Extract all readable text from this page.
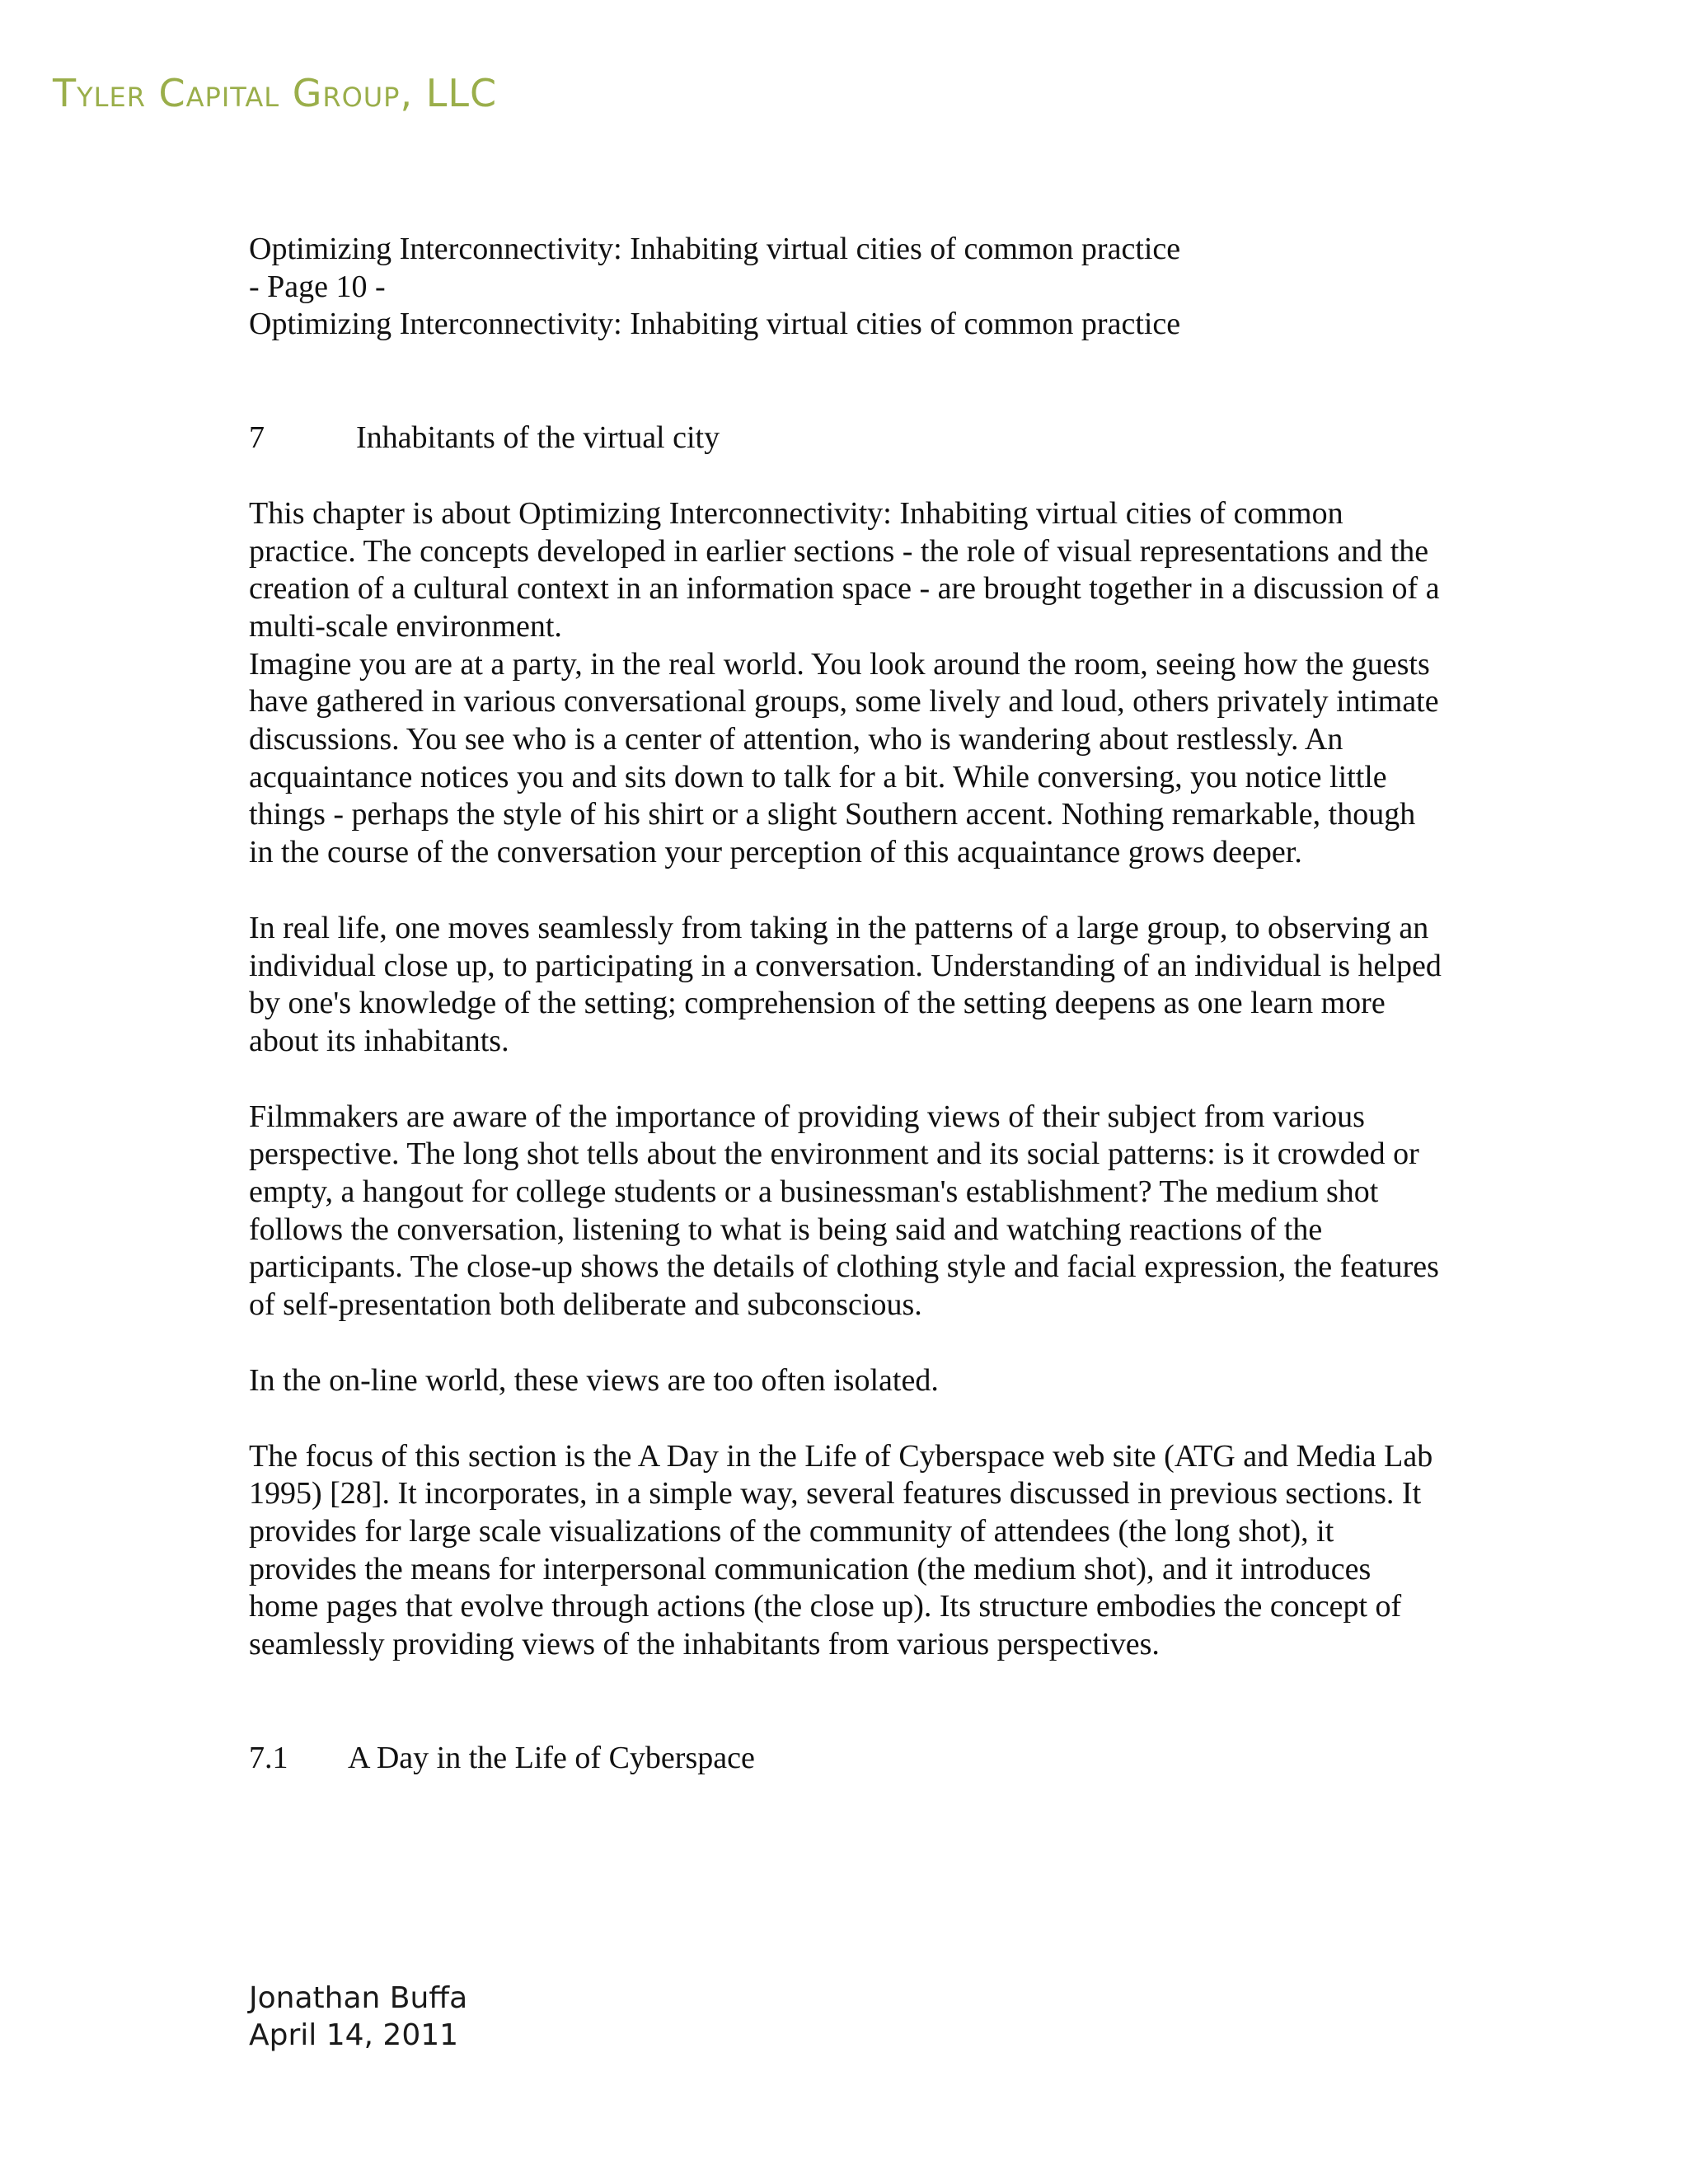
Tyler Capital Group, LLC

Optimizing Interconnectivity: Inhabiting virtual cities of common practice

- Page 10 -

Optimizing Interconnectivity: Inhabiting virtual cities of common practice

7	Inhabitants of the virtual city

This chapter is about Optimizing Interconnectivity: Inhabiting virtual cities of common practice. The concepts developed in earlier sections - the role of visual representations and the creation of a cultural context in an information space - are brought together in a discussion of a multi-scale environment.

Imagine you are at a party, in the real world. You look around the room, seeing how the guests have gathered in various conversational groups, some lively and loud, others privately intimate discussions. You see who is a center of attention, who is wandering about restlessly. An acquaintance notices you and sits down to talk for a bit. While conversing, you notice little things - perhaps the style of his shirt or a slight Southern accent. Nothing remarkable, though in the course of the conversation your perception of this acquaintance grows deeper.

In real life, one moves seamlessly from taking in the patterns of a large group, to observing an individual close up, to participating in a conversation. Understanding of an individual is helped by one's knowledge of the setting; comprehension of the setting deepens as one learn more about its inhabitants.

Filmmakers are aware of the importance of providing views of their subject from various perspective. The long shot tells about the environment and its social patterns: is it crowded or empty, a hangout for college students or a businessman's establishment? The medium shot follows the conversation, listening to what is being said and watching reactions of the participants. The close-up shows the details of clothing style and facial expression, the features of self-presentation both deliberate and subconscious.

In the on-line world, these views are too often isolated.

The focus of this section is the A Day in the Life of Cyberspace web site (ATG and Media Lab 1995) [28]. It incorporates, in a simple way, several features discussed in previous sections. It provides for large scale visualizations of the community of attendees (the long shot), it provides the means for interpersonal communication (the medium shot), and it introduces home pages that evolve through actions (the close up). Its structure embodies the concept of seamlessly providing views of the inhabitants from various perspectives.

7.1	A Day in the Life of Cyberspace
Jonathan Buffa
April 14, 2011
